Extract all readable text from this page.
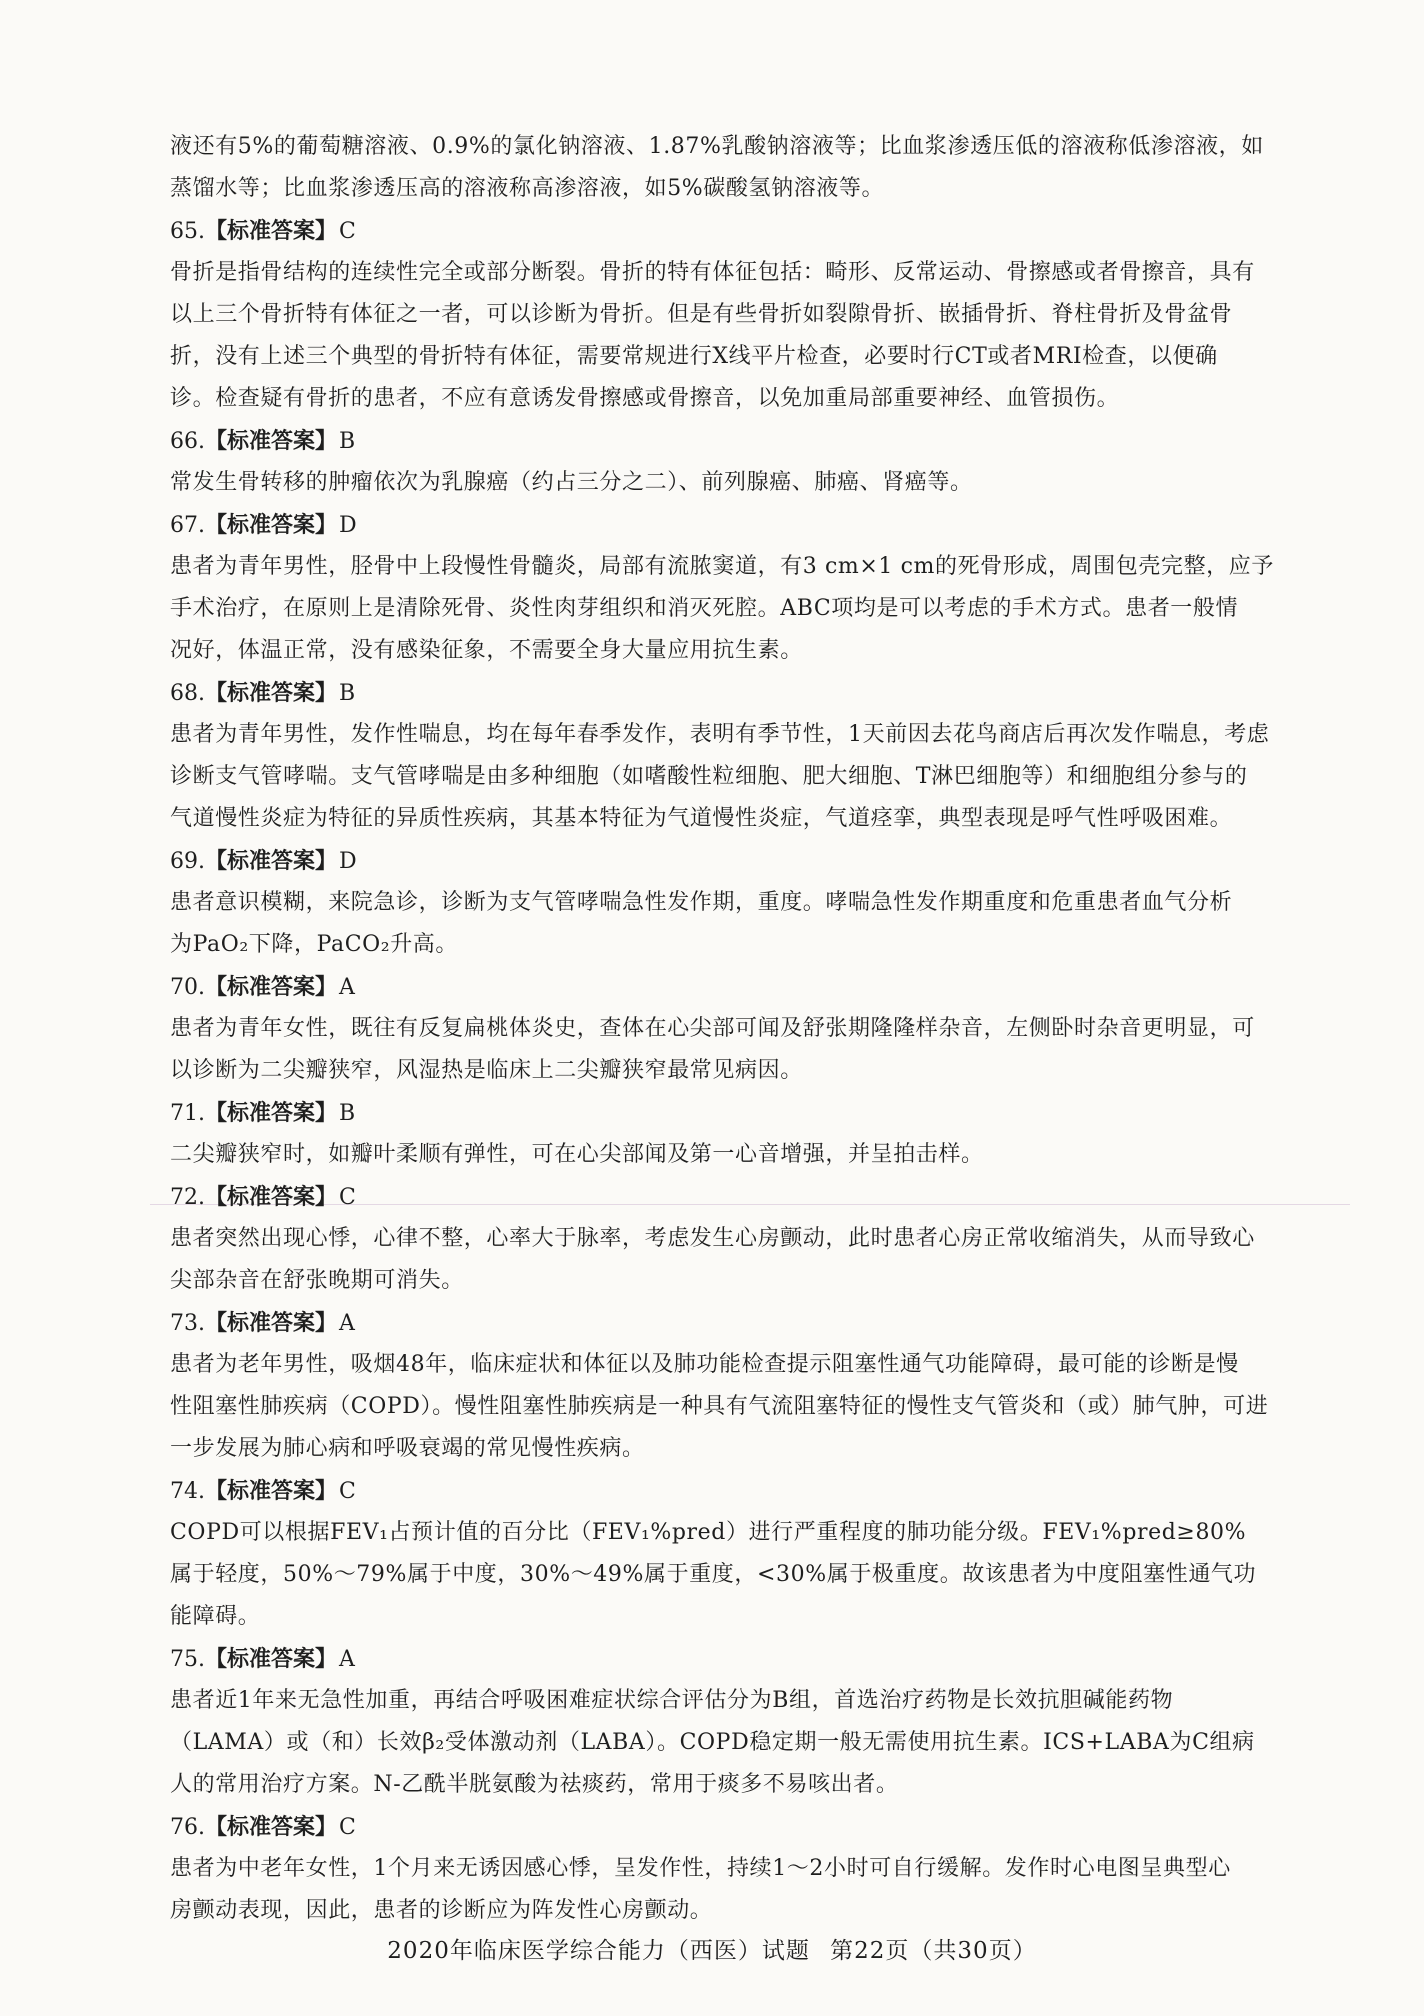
液还有5%的葡萄糖溶液、0.9%的氯化钠溶液、1.87%乳酸钠溶液等；比血浆渗透压低的溶液称低渗溶液，如
蒸馏水等；比血浆渗透压高的溶液称高渗溶液，如5%碳酸氢钠溶液等。
65.【标准答案】C
骨折是指骨结构的连续性完全或部分断裂。骨折的特有体征包括：畸形、反常运动、骨擦感或者骨擦音，具有
以上三个骨折特有体征之一者，可以诊断为骨折。但是有些骨折如裂隙骨折、嵌插骨折、脊柱骨折及骨盆骨
折，没有上述三个典型的骨折特有体征，需要常规进行X线平片检查，必要时行CT或者MRI检查，以便确
诊。检查疑有骨折的患者，不应有意诱发骨擦感或骨擦音，以免加重局部重要神经、血管损伤。
66.【标准答案】B
常发生骨转移的肿瘤依次为乳腺癌（约占三分之二）、前列腺癌、肺癌、肾癌等。
67.【标准答案】D
患者为青年男性，胫骨中上段慢性骨髓炎，局部有流脓窦道，有3 cm×1 cm的死骨形成，周围包壳完整，应予
手术治疗，在原则上是清除死骨、炎性肉芽组织和消灭死腔。ABC项均是可以考虑的手术方式。患者一般情
况好，体温正常，没有感染征象，不需要全身大量应用抗生素。
68.【标准答案】B
患者为青年男性，发作性喘息，均在每年春季发作，表明有季节性，1天前因去花鸟商店后再次发作喘息，考虑
诊断支气管哮喘。支气管哮喘是由多种细胞（如嗜酸性粒细胞、肥大细胞、T淋巴细胞等）和细胞组分参与的
气道慢性炎症为特征的异质性疾病，其基本特征为气道慢性炎症，气道痉挛，典型表现是呼气性呼吸困难。
69.【标准答案】D
患者意识模糊，来院急诊，诊断为支气管哮喘急性发作期，重度。哮喘急性发作期重度和危重患者血气分析
为PaO₂下降，PaCO₂升高。
70.【标准答案】A
患者为青年女性，既往有反复扁桃体炎史，查体在心尖部可闻及舒张期隆隆样杂音，左侧卧时杂音更明显，可
以诊断为二尖瓣狭窄，风湿热是临床上二尖瓣狭窄最常见病因。
71.【标准答案】B
二尖瓣狭窄时，如瓣叶柔顺有弹性，可在心尖部闻及第一心音增强，并呈拍击样。
72.【标准答案】C
患者突然出现心悸，心律不整，心率大于脉率，考虑发生心房颤动，此时患者心房正常收缩消失，从而导致心
尖部杂音在舒张晚期可消失。
73.【标准答案】A
患者为老年男性，吸烟48年，临床症状和体征以及肺功能检查提示阻塞性通气功能障碍，最可能的诊断是慢
性阻塞性肺疾病（COPD）。慢性阻塞性肺疾病是一种具有气流阻塞特征的慢性支气管炎和（或）肺气肿，可进
一步发展为肺心病和呼吸衰竭的常见慢性疾病。
74.【标准答案】C
COPD可以根据FEV₁占预计值的百分比（FEV₁%pred）进行严重程度的肺功能分级。FEV₁%pred≥80%
属于轻度，50%～79%属于中度，30%～49%属于重度，<30%属于极重度。故该患者为中度阻塞性通气功
能障碍。
75.【标准答案】A
患者近1年来无急性加重，再结合呼吸困难症状综合评估分为B组，首选治疗药物是长效抗胆碱能药物
（LAMA）或（和）长效β₂受体激动剂（LABA）。COPD稳定期一般无需使用抗生素。ICS+LABA为C组病
人的常用治疗方案。N-乙酰半胱氨酸为祛痰药，常用于痰多不易咳出者。
76.【标准答案】C
患者为中老年女性，1个月来无诱因感心悸，呈发作性，持续1～2小时可自行缓解。发作时心电图呈典型心
房颤动表现，因此，患者的诊断应为阵发性心房颤动。
2020年临床医学综合能力（西医）试题 第22页（共30页）
